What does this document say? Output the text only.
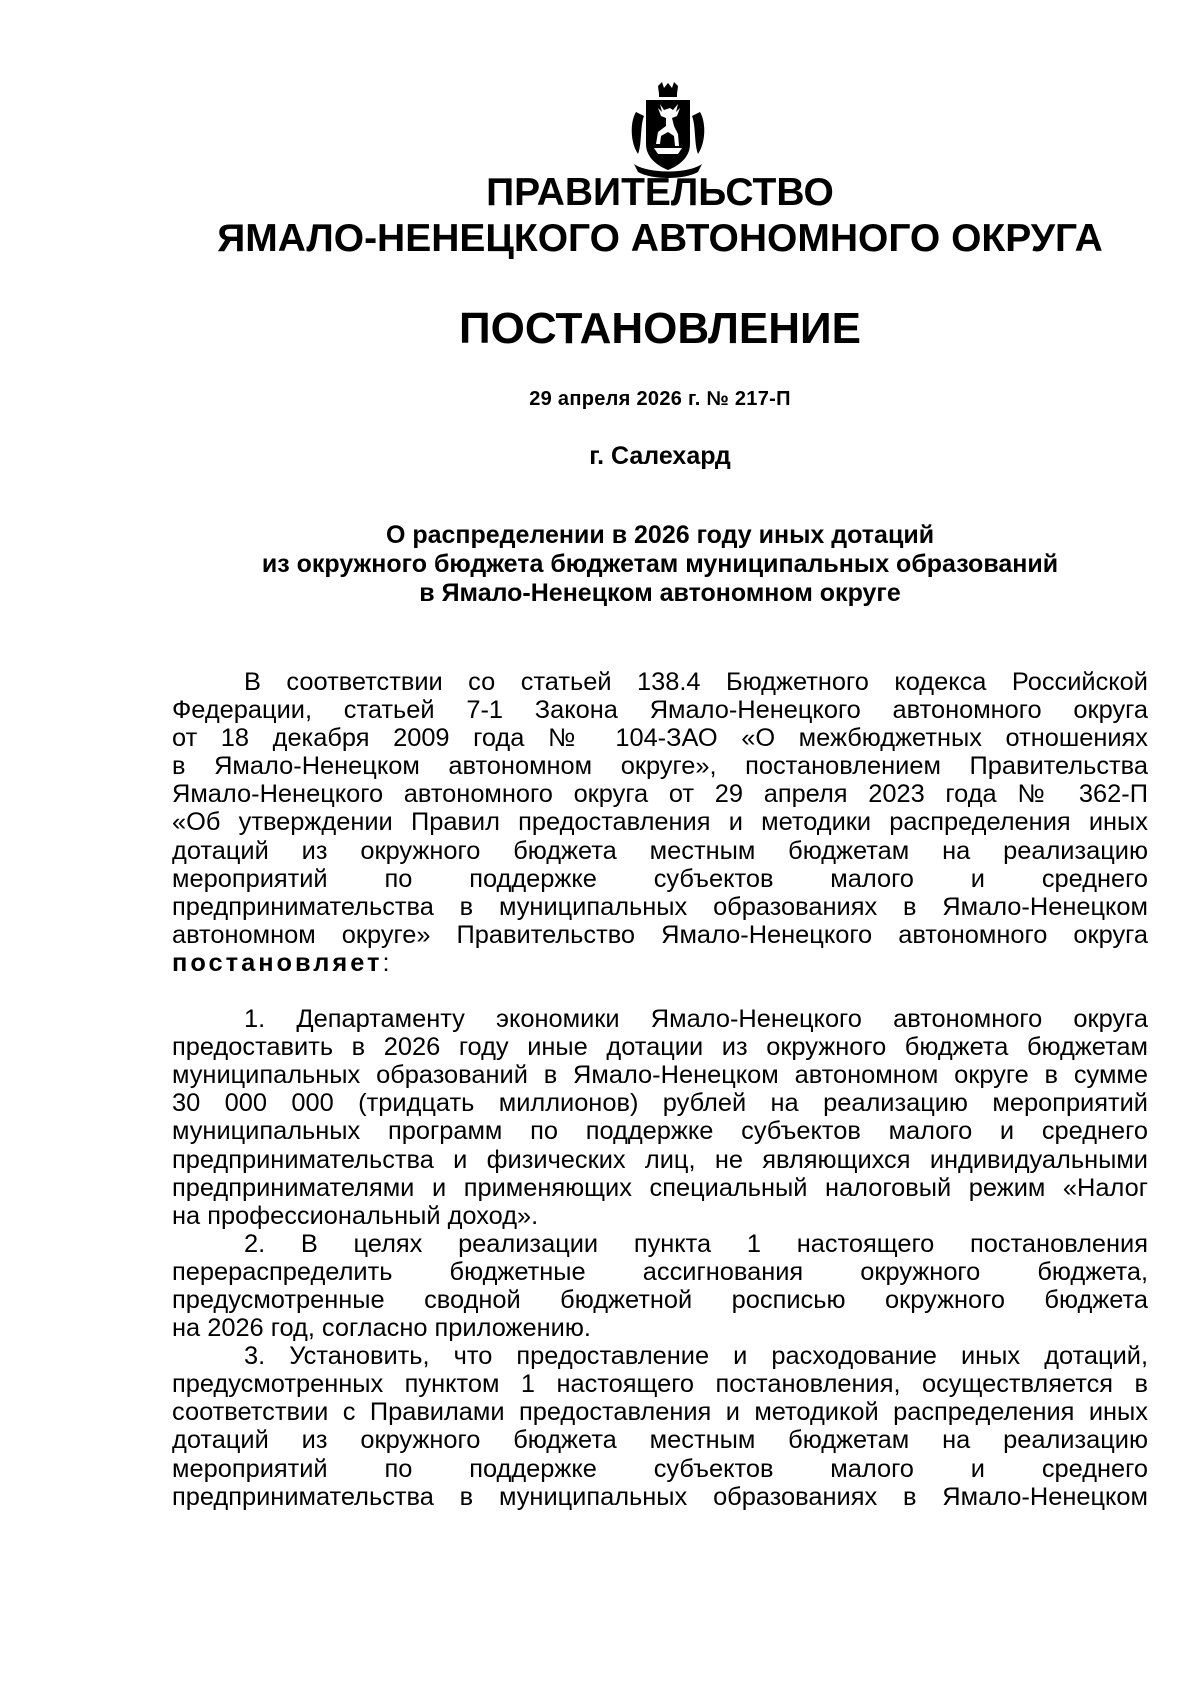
ПРАВИТЕЛЬСТВО
ЯМАЛО-НЕНЕЦКОГО АВТОНОМНОГО ОКРУГА
ПОСТАНОВЛЕНИЕ
29 апреля 2026 г. № 217-П
г. Салехард
О распределении в 2026 году иных дотаций
из окружного бюджета бюджетам муниципальных образований
в Ямало-Ненецком автономном округе
В соответствии со статьей 138.4 Бюджетного кодекса Российской
Федерации, статьей 7-1 Закона Ямало-Ненецкого автономного округа
от 18 декабря 2009 года № 104-ЗАО «О межбюджетных отношениях
в Ямало-Ненецком автономном округе», постановлением Правительства
Ямало-Ненецкого автономного округа от 29 апреля 2023 года № 362-П
«Об утверждении Правил предоставления и методики распределения иных
дотаций из окружного бюджета местным бюджетам на реализацию
мероприятий по поддержке субъектов малого и среднего
предпринимательства в муниципальных образованиях в Ямало-Ненецком
автономном округе» Правительство Ямало-Ненецкого автономного округа
постановляет:
1. Департаменту экономики Ямало-Ненецкого автономного округа
предоставить в 2026 году иные дотации из окружного бюджета бюджетам
муниципальных образований в Ямало-Ненецком автономном округе в сумме
30 000 000 (тридцать миллионов) рублей на реализацию мероприятий
муниципальных программ по поддержке субъектов малого и среднего
предпринимательства и физических лиц, не являющихся индивидуальными
предпринимателями и применяющих специальный налоговый режим «Налог
на профессиональный доход».
2. В целях реализации пункта 1 настоящего постановления
перераспределить бюджетные ассигнования окружного бюджета,
предусмотренные сводной бюджетной росписью окружного бюджета
на 2026 год, согласно приложению.
3. Установить, что предоставление и расходование иных дотаций,
предусмотренных пунктом 1 настоящего постановления, осуществляется в
соответствии с Правилами предоставления и методикой распределения иных
дотаций из окружного бюджета местным бюджетам на реализацию
мероприятий по поддержке субъектов малого и среднего
предпринимательства в муниципальных образованиях в Ямало-Ненецком
